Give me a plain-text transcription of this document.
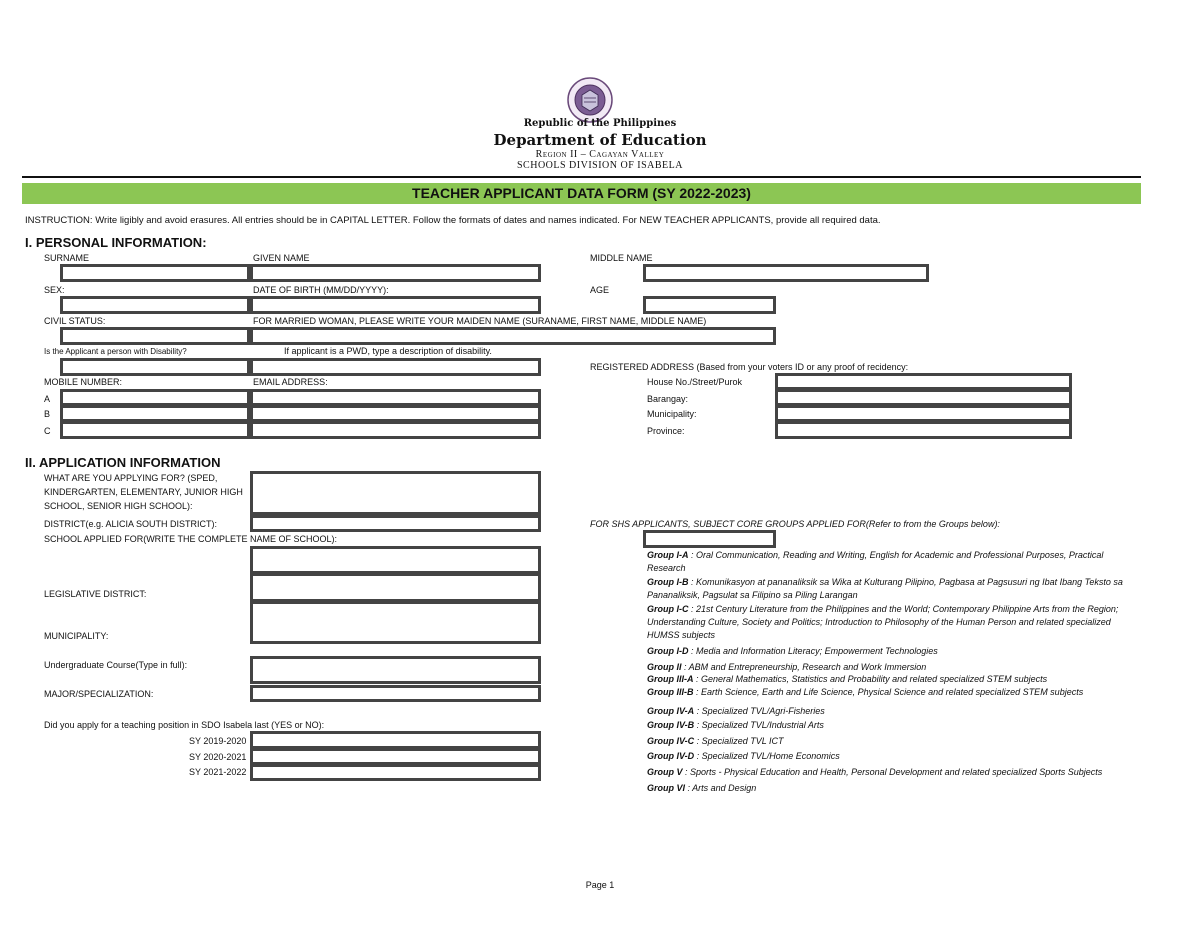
Republic of the Philippines
Department of Education
Region II – Cagayan Valley
SCHOOLS DIVISION OF ISABELA
TEACHER APPLICANT DATA FORM (SY 2022-2023)
INSTRUCTION: Write ligibly and avoid erasures. All entries should be in CAPITAL LETTER. Follow the formats of dates and names indicated. For NEW TEACHER APPLICANTS, provide all required data.
I. PERSONAL INFORMATION:
SURNAME	GIVEN NAME	MIDDLE NAME
SEX:	DATE OF BIRTH (MM/DD/YYYY):	AGE
CIVIL STATUS:	FOR MARRIED WOMAN, PLEASE WRITE YOUR MAIDEN NAME (SURANAME, FIRST NAME, MIDDLE NAME)
Is the Applicant a person with Disability?	If applicant is a PWD, type a description of disability.
REGISTERED ADDRESS (Based from your voters ID or any proof of recidency:
MOBILE NUMBER:	EMAIL ADDRESS:	House No./Street/Purok
A	Barangay:
B	Municipality:
C	Province:
II. APPLICATION INFORMATION
WHAT ARE YOU APPLYING FOR? (SPED,
KINDERGARTEN, ELEMENTARY, JUNIOR HIGH
SCHOOL, SENIOR HIGH SCHOOL):
DISTRICT(e.g. ALICIA SOUTH DISTRICT):	FOR SHS APPLICANTS, SUBJECT CORE GROUPS APPLIED FOR(Refer to from the Groups below):
SCHOOL APPLIED FOR(WRITE THE COMPLETE NAME OF SCHOOL):
LEGISLATIVE DISTRICT:
MUNICIPALITY:
Undergraduate Course(Type in full):
MAJOR/SPECIALIZATION:
Did you apply for a teaching position in SDO Isabela last (YES or NO):
SY 2019-2020
SY 2020-2021
SY 2021-2022
Group I-A : Oral Communication, Reading and Writing, English for Academic and Professional Purposes, Practical Research
Group I-B : Komunikasyon at pananaliksik sa Wika at Kulturang Pilipino, Pagbasa at Pagsusuri ng Ibat Ibang Teksto sa Pananaliksik, Pagsulat sa Filipino sa Piling Larangan
Group I-C : 21st Century Literature from the Philippines and the World; Contemporary Philippine Arts from the Region; Understanding Culture, Society and Politics; Introduction to Philosophy of the Human Person and related specialized HUMSS subjects
Group I-D : Media and Information Literacy; Empowerment Technologies
Group II : ABM and Entrepreneurship, Research and Work Immersion
Group III-A : General Mathematics, Statistics and Probability and related specialized STEM subjects
Group III-B : Earth Science, Earth and Life Science, Physical Science and related specialized STEM subjects
Group IV-A : Specialized TVL/Agri-Fisheries
Group IV-B : Specialized TVL/Industrial Arts
Group IV-C : Specialized TVL ICT
Group IV-D : Specialized TVL/Home Economics
Group V : Sports - Physical Education and Health, Personal Development and related specialized Sports Subjects
Group VI : Arts and Design
Page 1
